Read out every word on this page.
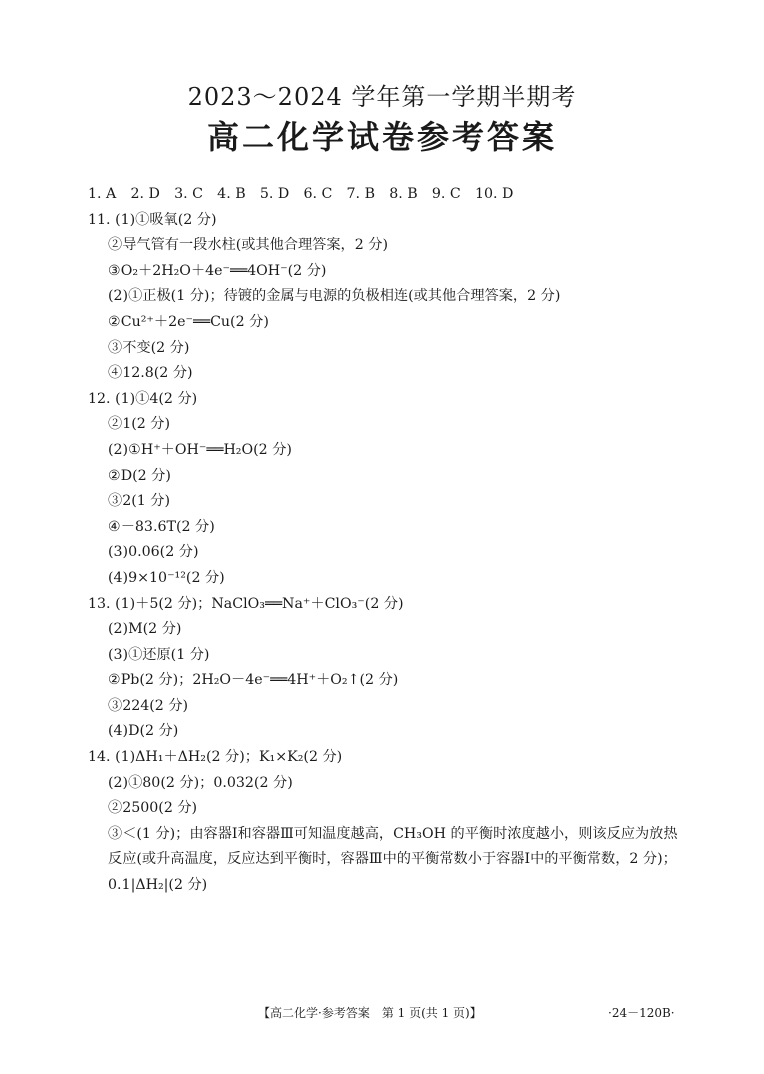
2023～2024 学年第一学期半期考
高二化学试卷参考答案
1. A　2. D　3. C　4. B　5. D　6. C　7. B　8. B　9. C　10. D
11. (1)①吸氧(2 分)
②导气管有一段水柱(或其他合理答案，2 分)
③O₂＋2H₂O＋4e⁻══4OH⁻(2 分)
(2)①正极(1 分)；待镀的金属与电源的负极相连(或其他合理答案，2 分)
②Cu²⁺＋2e⁻══Cu(2 分)
③不变(2 分)
④12.8(2 分)
12. (1)①4(2 分)
②1(2 分)
(2)①H⁺＋OH⁻══H₂O(2 分)
②D(2 分)
③2(1 分)
④－83.6T(2 分)
(3)0.06(2 分)
(4)9×10⁻¹²(2 分)
13. (1)＋5(2 分)；NaClO₃══Na⁺＋ClO₃⁻(2 分)
(2)M(2 分)
(3)①还原(1 分)
②Pb(2 分)；2H₂O－4e⁻══4H⁺＋O₂↑(2 分)
③224(2 分)
(4)D(2 分)
14. (1)ΔH₁＋ΔH₂(2 分)；K₁×K₂(2 分)
(2)①80(2 分)；0.032(2 分)
②2500(2 分)
③＜(1 分)；由容器Ⅰ和容器Ⅲ可知温度越高，CH₃OH 的平衡时浓度越小，则该反应为放热
反应(或升高温度，反应达到平衡时，容器Ⅲ中的平衡常数小于容器Ⅰ中的平衡常数，2 分)；
0.1|ΔH₂|(2 分)
【高二化学·参考答案　第 1 页(共 1 页)】	·24－120B·
